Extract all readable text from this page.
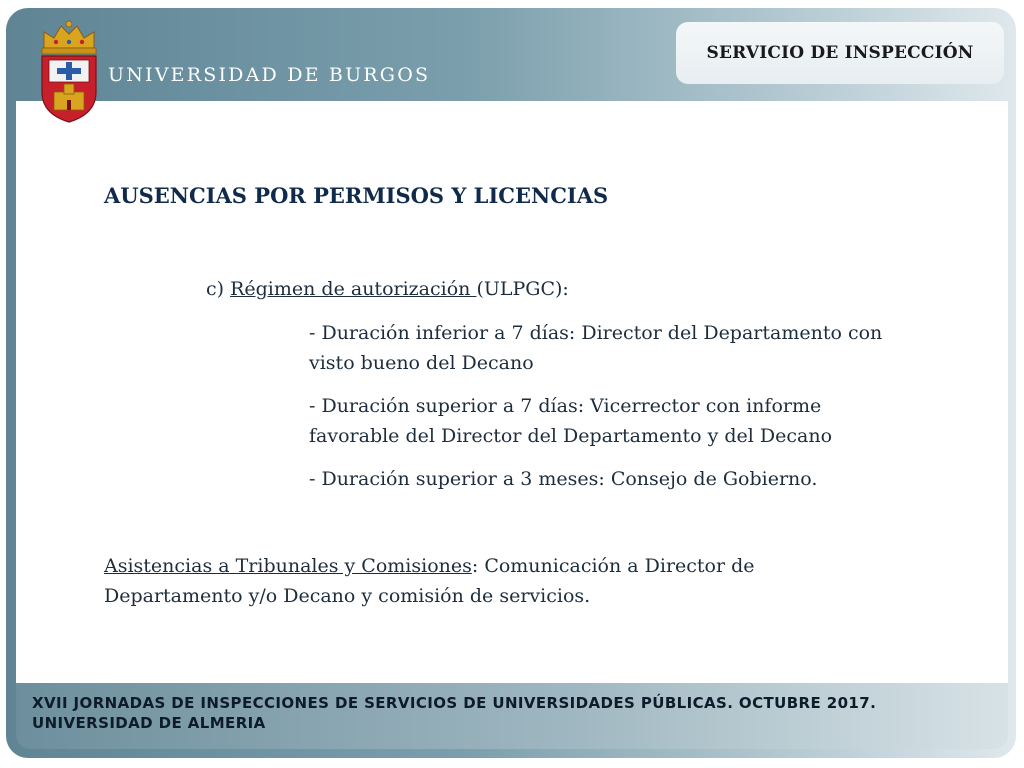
SERVICIO DE INSPECCIÓN
UNIVERSIDAD DE BURGOS
AUSENCIAS POR PERMISOS Y LICENCIAS
c) Régimen de autorización (ULPGC):
- Duración inferior a 7 días: Director del Departamento con visto bueno del Decano
- Duración superior a 7 días: Vicerrector con informe favorable del Director del Departamento y del Decano
- Duración superior a 3 meses: Consejo de Gobierno.
Asistencias a Tribunales y Comisiones: Comunicación a Director de Departamento y/o Decano y comisión de servicios.
XVII JORNADAS DE INSPECCIONES DE SERVICIOS DE UNIVERSIDADES PÚBLICAS. OCTUBRE 2017.
UNIVERSIDAD DE ALMERIA
